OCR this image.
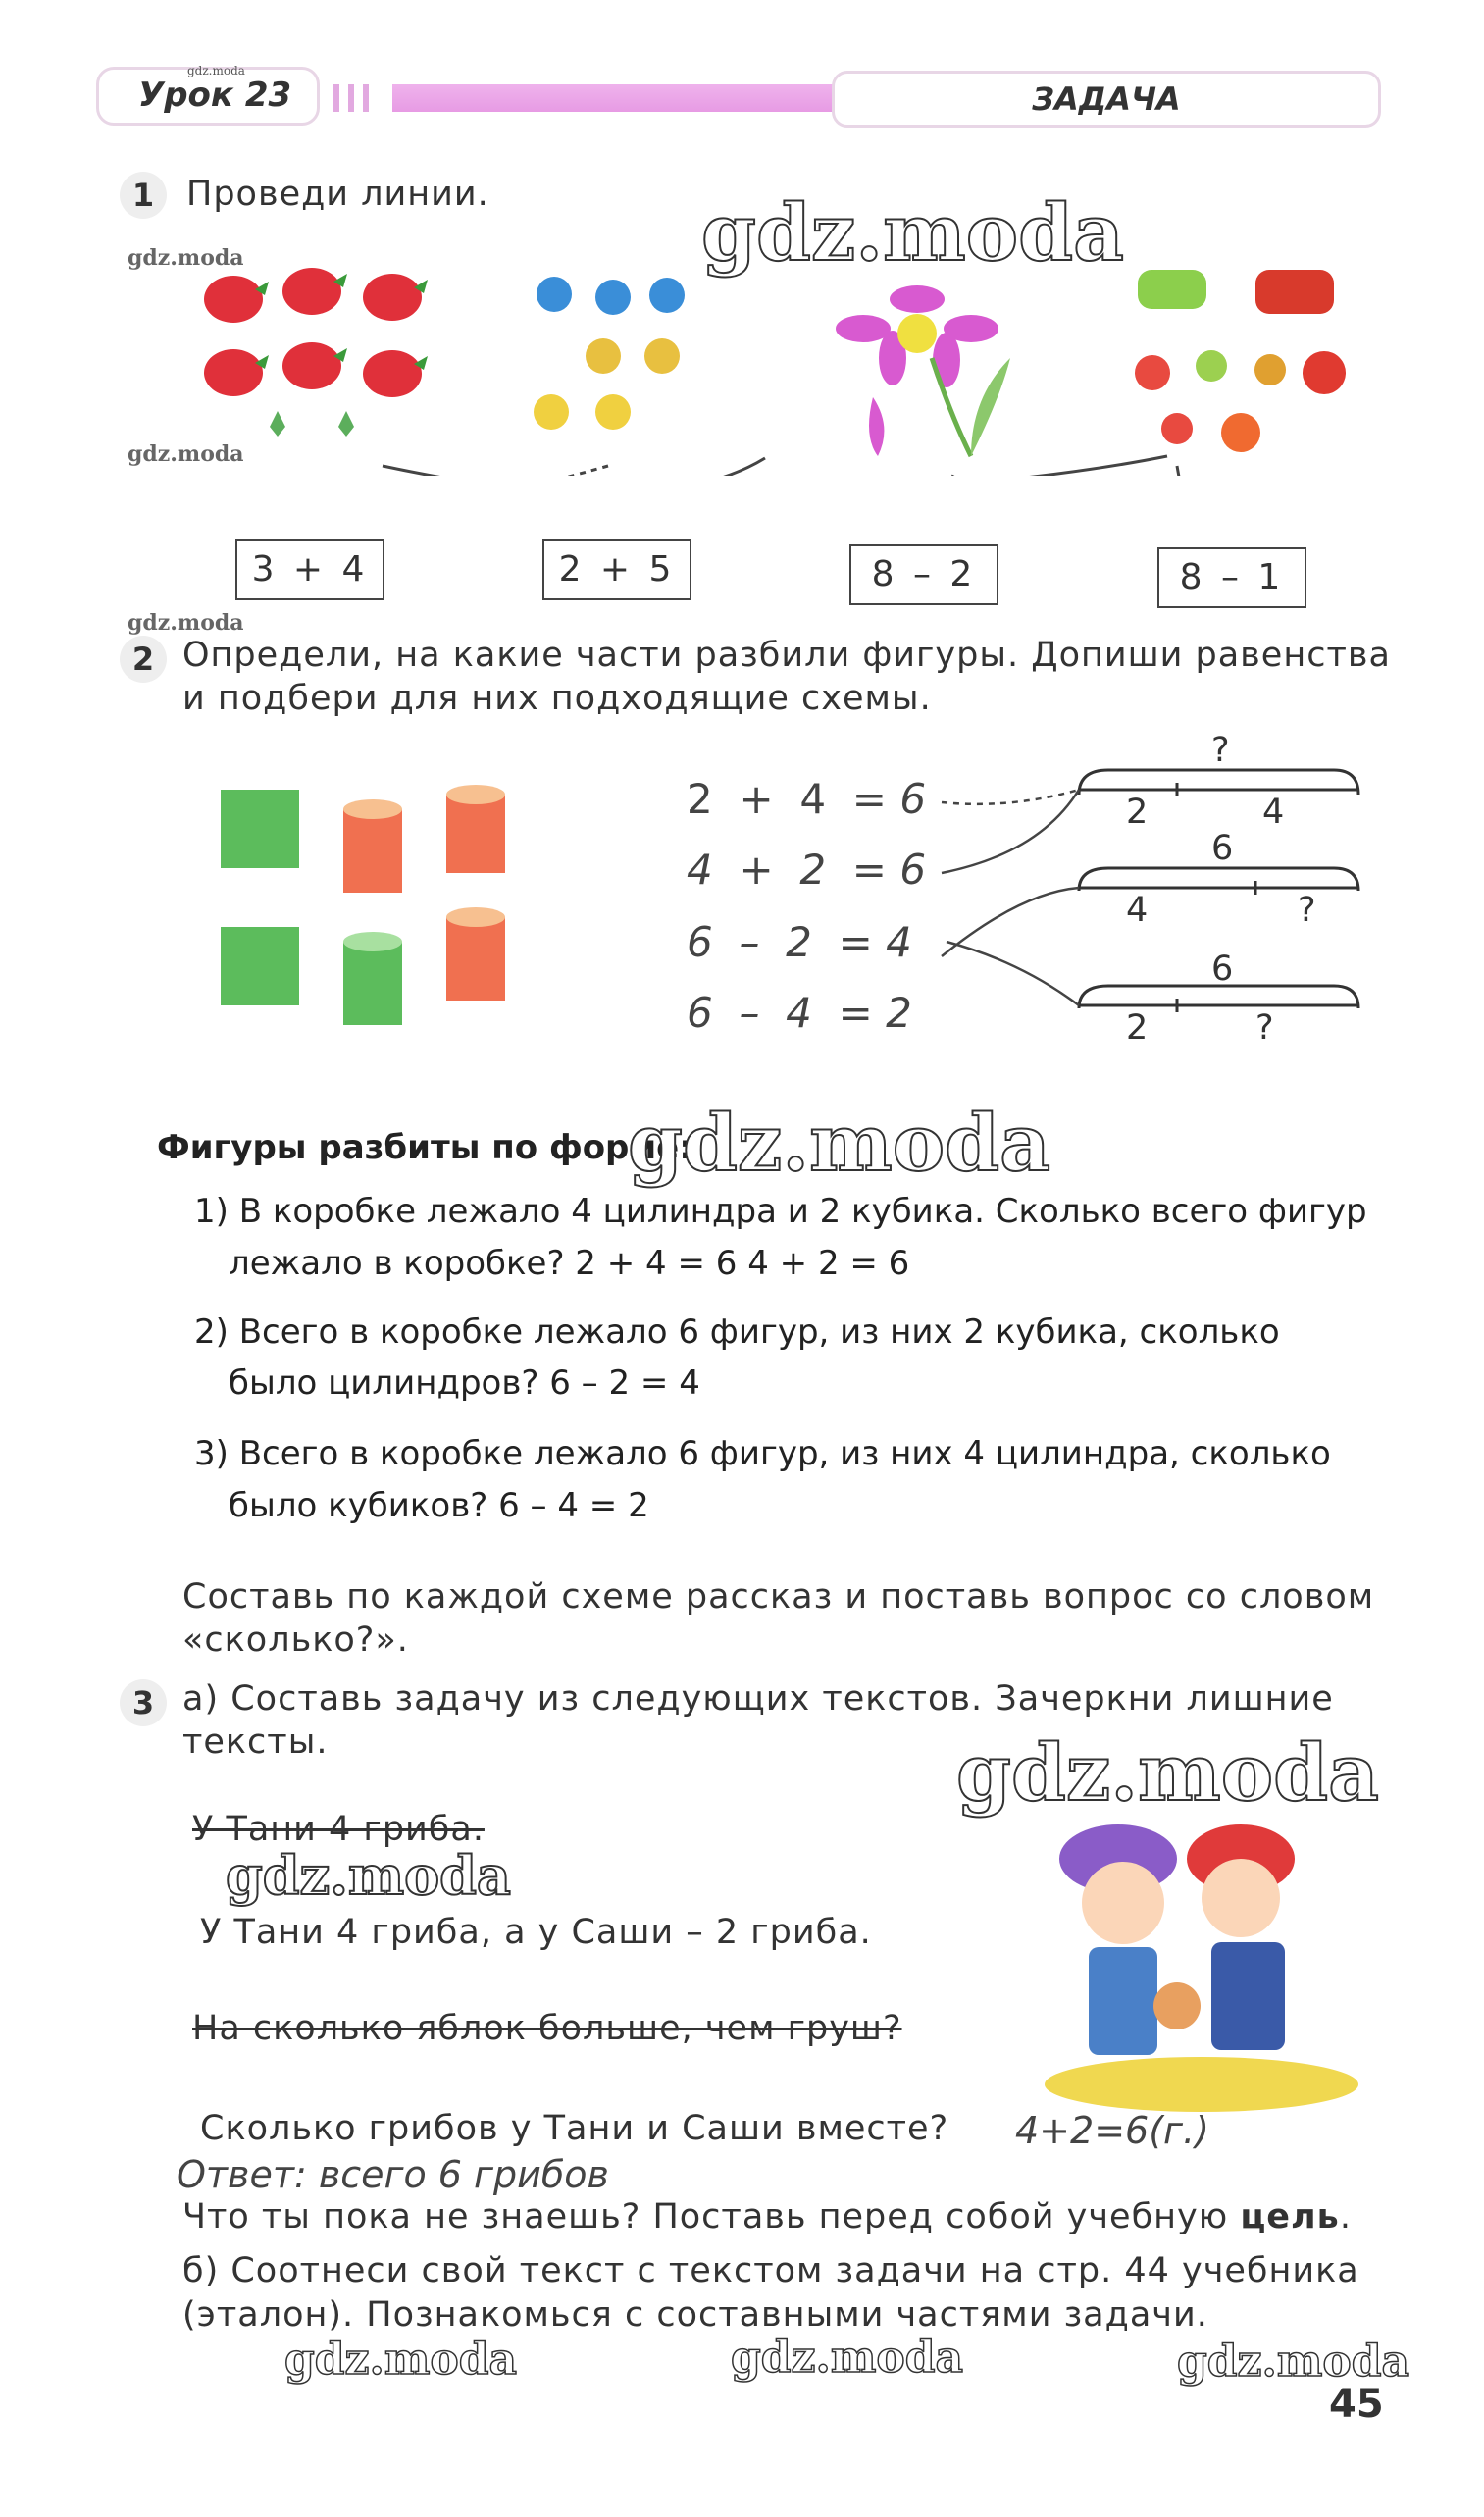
gdz.moda
Урок 23	ЗАДАЧА
1 Проведи линии.	gdz.moda
gdz.moda
gdz.moda
3 + 4	2 + 5	8 – 2	8 – 1
gdz.moda
2 Определи, на какие части разбили фигуры. Допиши равенства
и подбери для них подходящие схемы.
2 + 4 = 6
4 + 2 = 6
6 – 2 = 4
6 – 4 = 2
?
2	4
6
4	?
6
2	?
Фигуры разбиты по форме:
gdz.moda
1) В коробке лежало 4 цилиндра и 2 кубика. Сколько всего фигур
лежало в коробке? 2 + 4 = 6 4 + 2 = 6
2) Всего в коробке лежало 6 фигур, из них 2 кубика, сколько
было цилиндров? 6 – 2 = 4
3) Всего в коробке лежало 6 фигур, из них 4 цилиндра, сколько
было кубиков? 6 – 4 = 2
Составь по каждой схеме рассказ и поставь вопрос со словом
«сколько?».
3 а) Составь задачу из следующих текстов. Зачеркни лишние
тексты.	gdz.moda
У Тани 4 гриба.
gdz.moda
У Тани 4 гриба, а у Саши – 2 гриба.
На сколько яблок больше, чем груш?
Сколько грибов у Тани и Саши вместе? 4+2=6(г.)
Ответ: всего 6 грибов
Что ты пока не знаешь? Поставь перед собой учебную цель.
б) Соотнеси свой текст с текстом задачи на стр. 44 учебника
(эталон). Познакомься с составными частями задачи.
gdz.moda	gdz.moda	gdz.moda
45
